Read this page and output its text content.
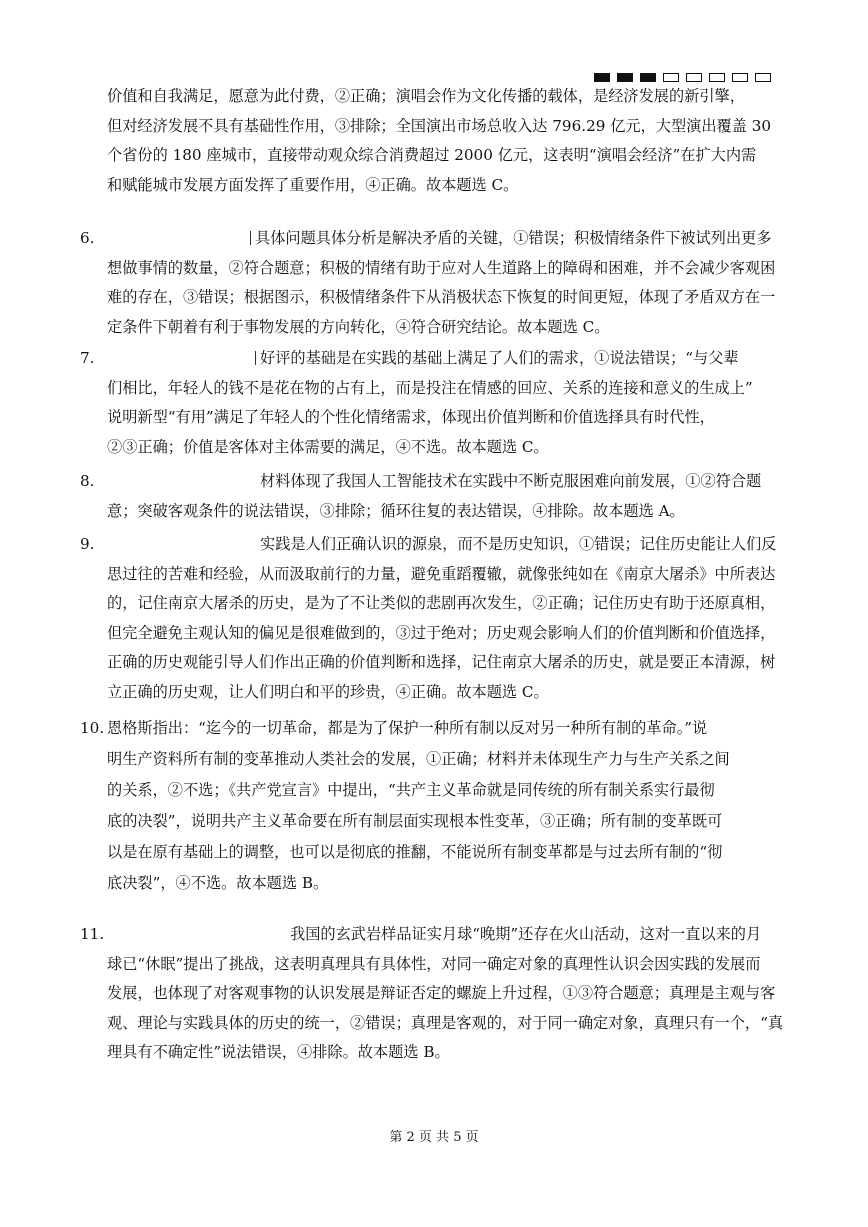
价值和自我满足，愿意为此付费，②正确；演唱会作为文化传播的载体，是经济发展的新引擎，
但对经济发展不具有基础性作用，③排除；全国演出市场总收入达 796.29 亿元，大型演出覆盖 30
个省份的 180 座城市，直接带动观众综合消费超过 2000 亿元，这表明“演唱会经济”在扩大内需
和赋能城市发展方面发挥了重要作用，④正确。故本题选 C。
6.	具体问题具体分析是解决矛盾的关键，①错误；积极情绪条件下被试列出更多
想做事情的数量，②符合题意；积极的情绪有助于应对人生道路上的障碍和困难，并不会减少客观困
难的存在，③错误；根据图示，积极情绪条件下从消极状态下恢复的时间更短，体现了矛盾双方在一
定条件下朝着有利于事物发展的方向转化，④符合研究结论。故本题选 C。
7.	好评的基础是在实践的基础上满足了人们的需求，①说法错误；“与父辈
们相比，年轻人的钱不是花在物的占有上，而是投注在情感的回应、关系的连接和意义的生成上”
说明新型“有用”满足了年轻人的个性化情绪需求，体现出价值判断和价值选择具有时代性，
②③正确；价值是客体对主体需要的满足，④不选。故本题选 C。
8.	材料体现了我国人工智能技术在实践中不断克服困难向前发展，①②符合题
意；突破客观条件的说法错误，③排除；循环往复的表达错误，④排除。故本题选 A。
9.	实践是人们正确认识的源泉，而不是历史知识，①错误；记住历史能让人们反
思过往的苦难和经验，从而汲取前行的力量，避免重蹈覆辙，就像张纯如在《南京大屠杀》中所表达
的，记住南京大屠杀的历史，是为了不让类似的悲剧再次发生，②正确；记住历史有助于还原真相，
但完全避免主观认知的偏见是很难做到的，③过于绝对；历史观会影响人们的价值判断和价值选择，
正确的历史观能引导人们作出正确的价值判断和选择，记住南京大屠杀的历史，就是要正本清源，树
立正确的历史观，让人们明白和平的珍贵，④正确。故本题选 C。
10. 恩格斯指出：“迄今的一切革命，都是为了保护一种所有制以反对另一种所有制的革命。”说
明生产资料所有制的变革推动人类社会的发展，①正确；材料并未体现生产力与生产关系之间
的关系，②不选；《共产党宣言》中提出，“共产主义革命就是同传统的所有制关系实行最彻
底的决裂”，说明共产主义革命要在所有制层面实现根本性变革，③正确；所有制的变革既可
以是在原有基础上的调整，也可以是彻底的推翻，不能说所有制变革都是与过去所有制的“彻
底决裂”，④不选。故本题选 B。
11.	我国的玄武岩样品证实月球“晚期”还存在火山活动，这对一直以来的月
球已“休眠”提出了挑战，这表明真理具有具体性，对同一确定对象的真理性认识会因实践的发展而
发展，也体现了对客观事物的认识发展是辩证否定的螺旋上升过程，①③符合题意；真理是主观与客
观、理论与实践具体的历史的统一，②错误；真理是客观的，对于同一确定对象，真理只有一个，“真
理具有不确定性”说法错误，④排除。故本题选 B。
第 2 页 共 5 页
